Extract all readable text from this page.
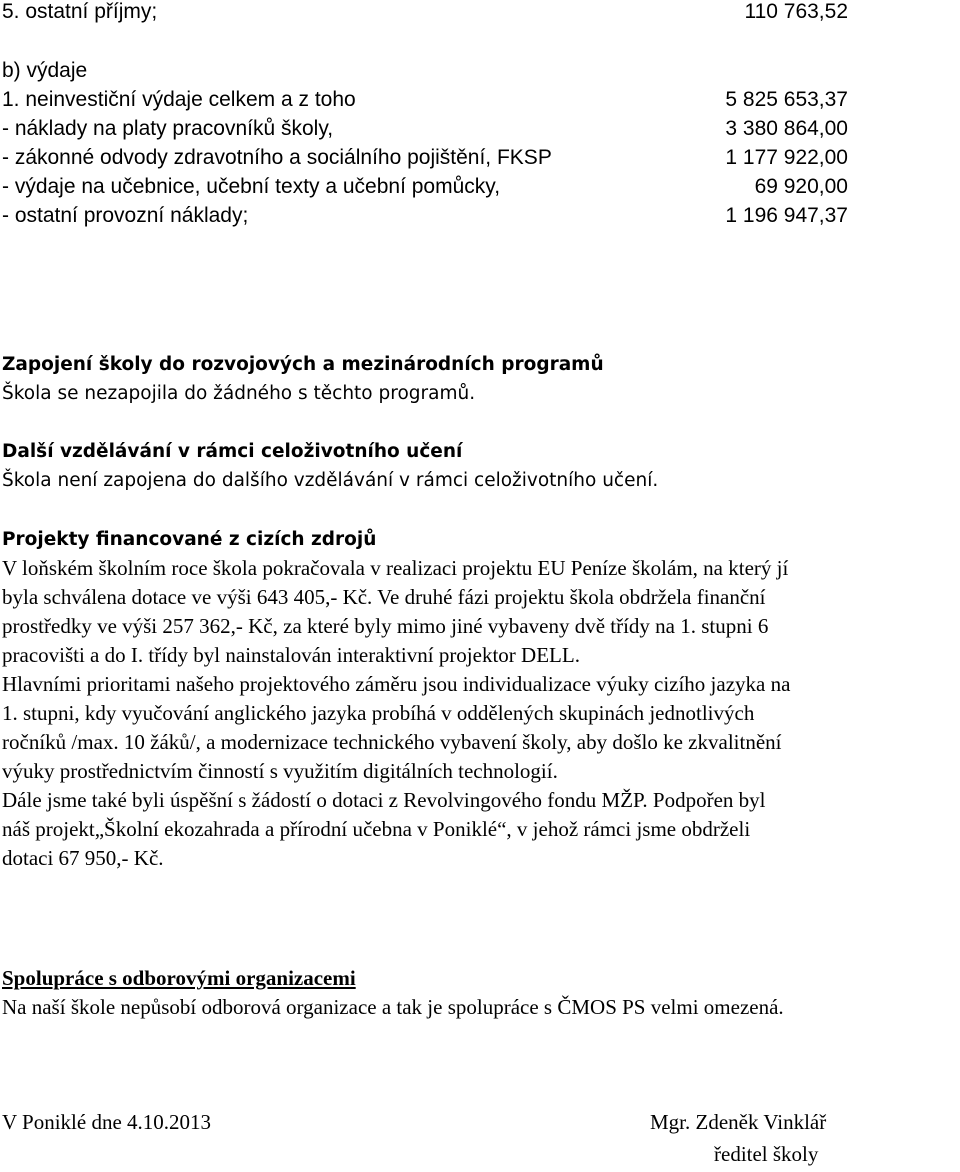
5. ostatní příjmy;	110 763,52
b) výdaje
1. neinvestiční výdaje celkem a z toho	5 825 653,37
- náklady na platy pracovníků školy,	3 380 864,00
- zákonné odvody zdravotního a sociálního pojištění, FKSP	1 177 922,00
- výdaje na učebnice, učební texty a učební pomůcky,	69 920,00
- ostatní provozní náklady;	1 196 947,37
Zapojení školy do rozvojových a mezinárodních programů
Škola se nezapojila do žádného s těchto programů.
Další vzdělávání v rámci celoživotního učení
Škola není zapojena do dalšího vzdělávání v rámci celoživotního učení.
Projekty financované z cizích zdrojů

V loňském školním roce škola pokračovala v realizaci projektu EU Peníze školám, na který jí

byla schválena dotace ve výši 643 405,- Kč. Ve druhé fázi projektu škola obdržela finanční

prostředky ve výši 257 362,- Kč, za které byly mimo jiné vybaveny dvě třídy na 1. stupni 6

pracovišti a do I. třídy byl nainstalován interaktivní projektor DELL.

Hlavními prioritami našeho projektového záměru jsou individualizace výuky cizího jazyka na

1. stupni, kdy vyučování anglického jazyka probíhá v oddělených skupinách jednotlivých

ročníků /max. 10 žáků/, a modernizace technického vybavení školy, aby došlo ke zkvalitnění

výuky prostřednictvím činností s využitím digitálních technologií.

Dále jsme také byli úspěšní s žádostí o dotaci z Revolvingového fondu MŽP. Podpořen byl

náš projekt„Školní ekozahrada a přírodní učebna v Poniklé“, v jehož rámci jsme obdrželi

dotaci 67 950,- Kč.

Spolupráce s odborovými organizacemi
Na naší škole nepůsobí odborová organizace a tak je spolupráce s ČMOS PS velmi omezená.
V Poniklé dne 4.10.2013	Mgr. Zdeněk Vinklář
ředitel školy
